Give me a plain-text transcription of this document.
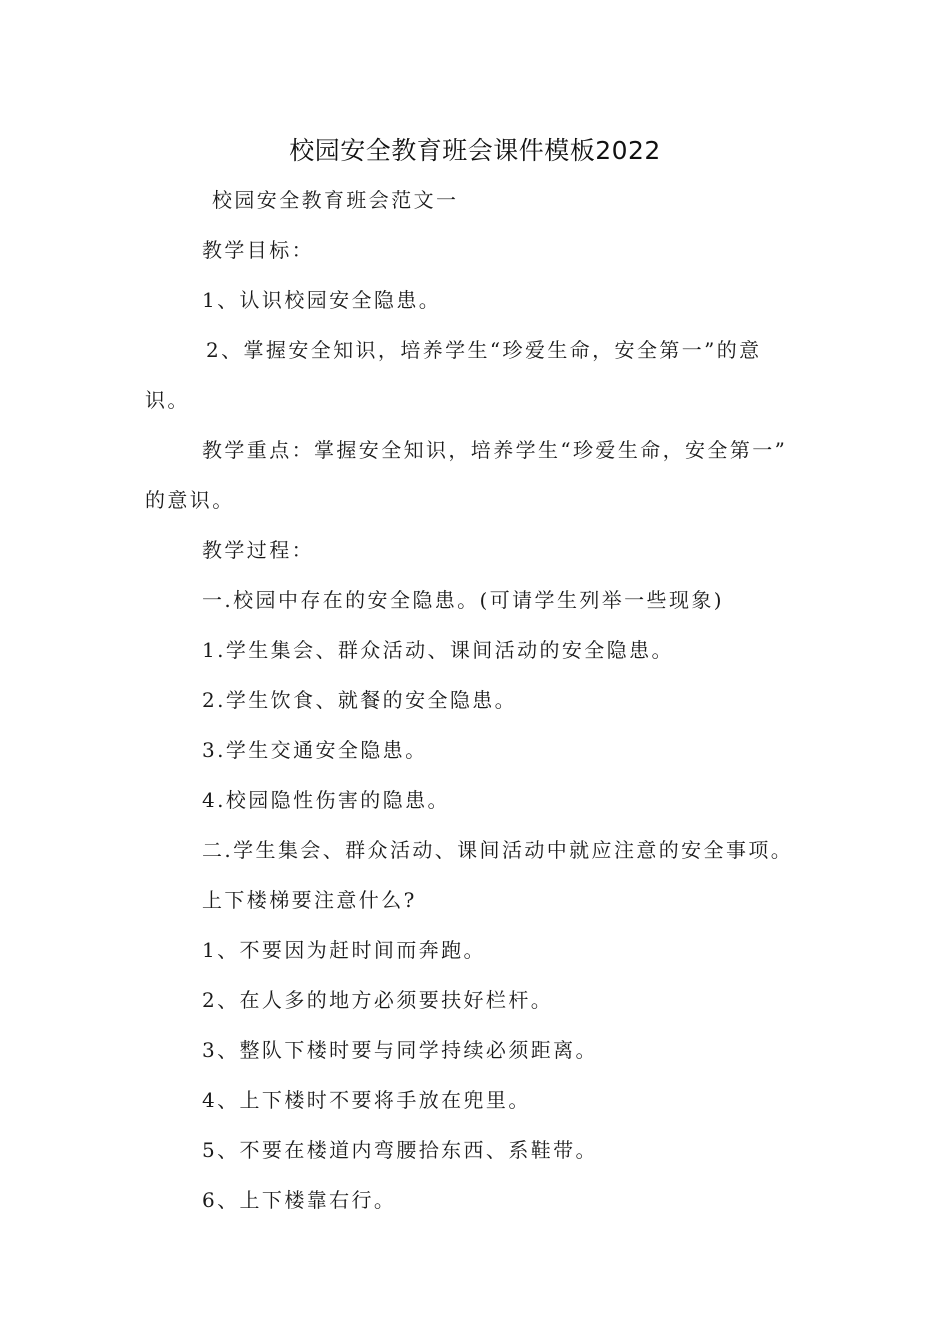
校园安全教育班会课件模板2022
校园安全教育班会范文一
教学目标：
1、认识校园安全隐患。
2、掌握安全知识，培养学生“珍爱生命，安全第一”的意
识。
教学重点：掌握安全知识，培养学生“珍爱生命，安全第一”
的意识。
教学过程：
一.校园中存在的安全隐患。(可请学生列举一些现象)
1.学生集会、群众活动、课间活动的安全隐患。
2.学生饮食、就餐的安全隐患。
3.学生交通安全隐患。
4.校园隐性伤害的隐患。
二.学生集会、群众活动、课间活动中就应注意的安全事项。
上下楼梯要注意什么?
1、不要因为赶时间而奔跑。
2、在人多的地方必须要扶好栏杆。
3、整队下楼时要与同学持续必须距离。
4、上下楼时不要将手放在兜里。
5、不要在楼道内弯腰拾东西、系鞋带。
6、上下楼靠右行。
